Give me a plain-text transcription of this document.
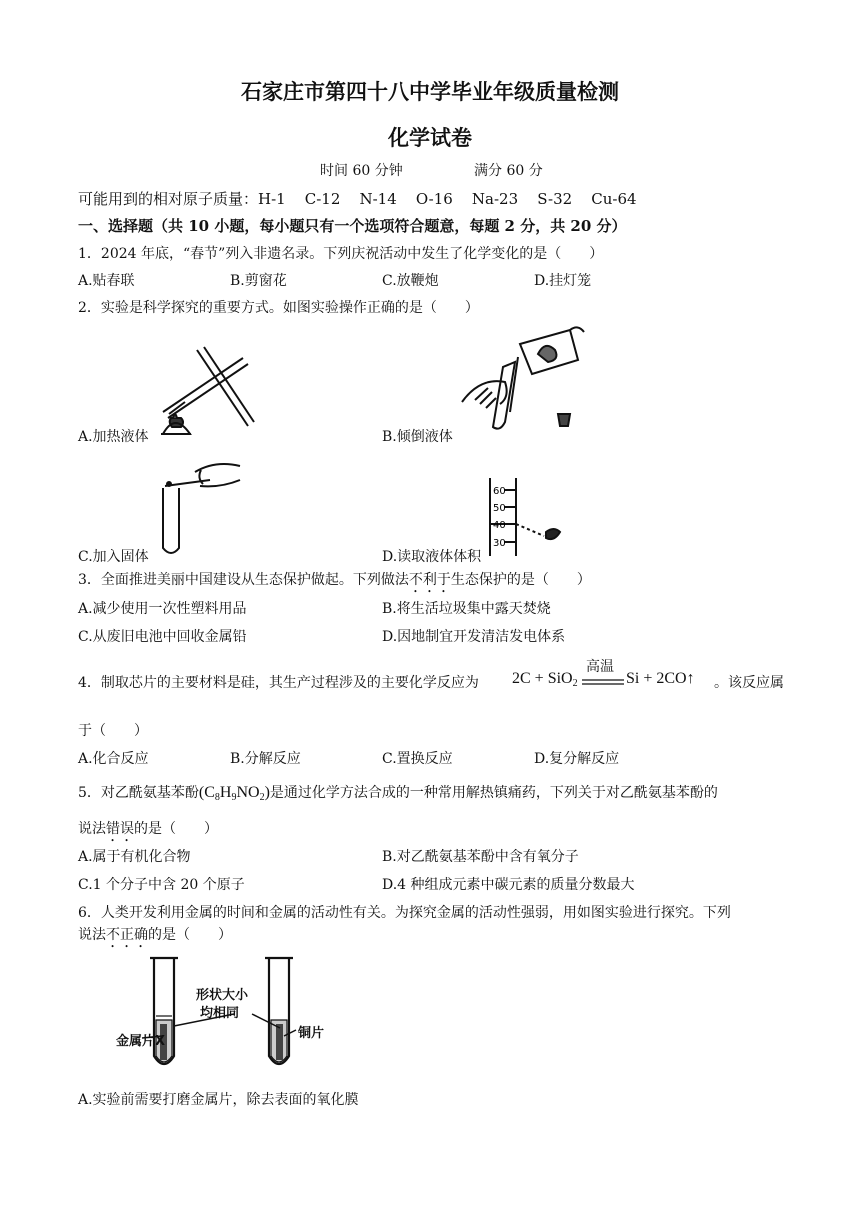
石家庄市第四十八中学毕业年级质量检测
化学试卷
时间 60 分钟	满分 60 分
可能用到的相对原子质量：H-1    C-12    N-14    O-16    Na-23    S-32    Cu-64
一、选择题（共 10 小题，每小题只有一个选项符合题意，每题 2 分，共 20 分）
1．2024 年底，“春节”列入非遗名录。下列庆祝活动中发生了化学变化的是（　　）
A.贴春联	B.剪窗花	C.放鞭炮	D.挂灯笼
2．实验是科学探究的重要方式。如图实验操作正确的是（　　）
A.加热液体	B.倾倒液体
C.加入固体
60
50
40
30
D.读取液体体积
3．全面推进美丽中国建设从生态保护做起。下列做法不利于生态保护的是（　　）
A.减少使用一次性塑料用品	B.将生活垃圾集中露天焚烧
C.从废旧电池中回收金属铅	D.因地制宜开发清洁发电体系
4．制取芯片的主要材料是硅，其生产过程涉及的主要化学反应为 2C + SiO$_2$
高温
Si + 2CO↑ 。该反应属
于（　　）
A.化合反应	B.分解反应	C.置换反应	D.复分解反应
5．对乙酰氨基苯酚$(C_8H_9NO_2)$是通过化学方法合成的一种常用解热镇痛药，下列关于对乙酰氨基苯酚的
说法错误的是（　　）
A.属于有机化合物	B.对乙酰氨基苯酚中含有氧分子
C.1 个分子中含 20 个原子	D.4 种组成元素中碳元素的质量分数最大
6．人类开发利用金属的时间和金属的活动性有关。为探究金属的活动性强弱，用如图实验进行探究。下列
说法不正确的是（　　）
金属片X
形状大小
均相同
铜片
A.实验前需要打磨金属片，除去表面的氧化膜
